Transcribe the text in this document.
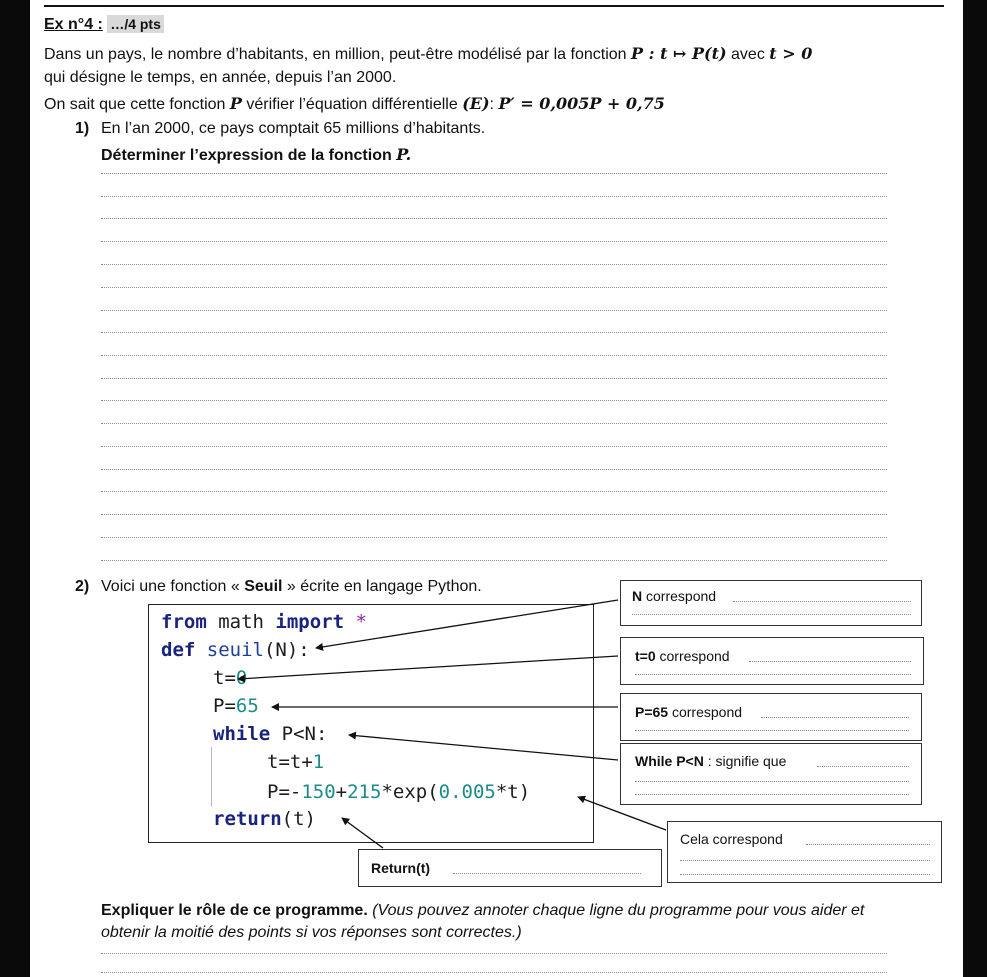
Ex n°4 : …/4 pts
Dans un pays, le nombre d’habitants, en million, peut-être modélisé par la fonction P : t ↦ P(t) avec t > 0
qui désigne le temps, en année, depuis l’an 2000.
On sait que cette fonction P vérifier l’équation différentielle (E): P′ = 0,005P + 0,75
1) En l’an 2000, ce pays comptait 65 millions d’habitants.
Déterminer l’expression de la fonction P.
2) Voici une fonction « Seuil » écrite en langage Python.
from math import *
def seuil(N):
t=0
P=65
while P<N:
t=t+1
P=-150+215*exp(0.005*t)
return(t)
N correspond
t=0 correspond
P=65 correspond
While P<N : signifie que
Cela correspond
Return(t)
Expliquer le rôle de ce programme. (Vous pouvez annoter chaque ligne du programme pour vous aider et
obtenir la moitié des points si vos réponses sont correctes.)
